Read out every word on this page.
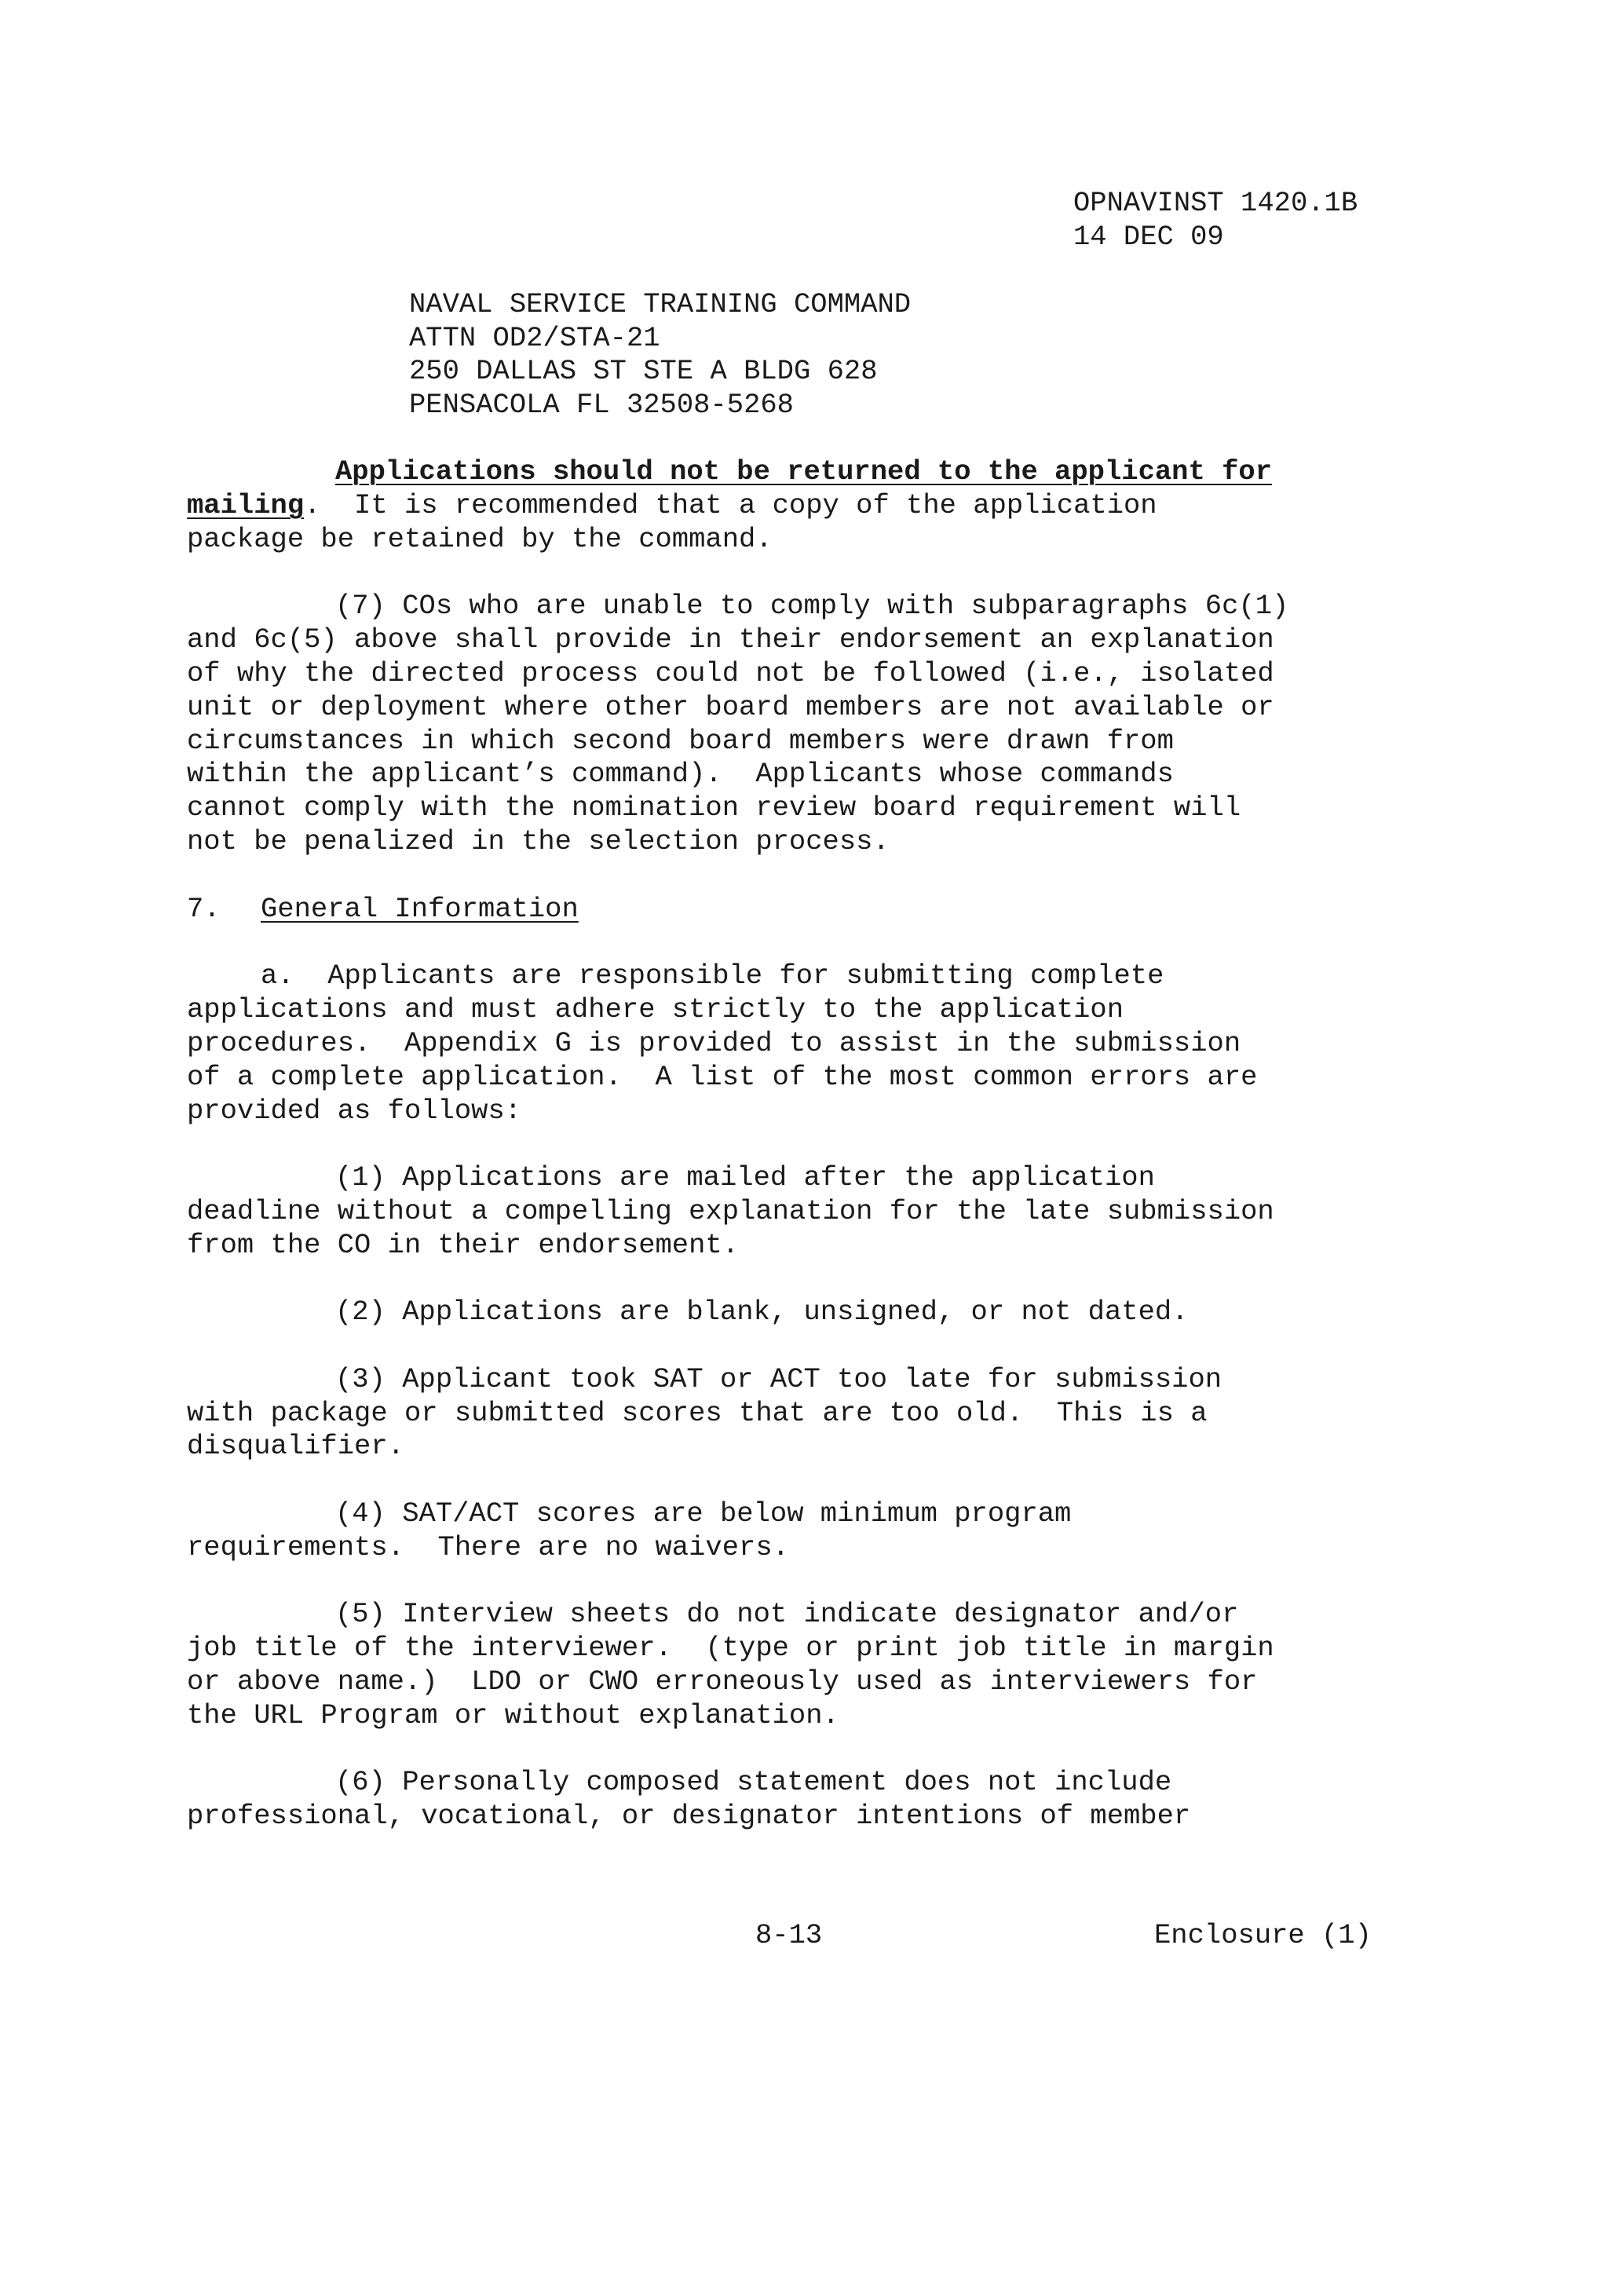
OPNAVINST 1420.1B

14 DEC 09

NAVAL SERVICE TRAINING COMMAND

ATTN OD2/STA-21

250 DALLAS ST STE A BLDG 628

PENSACOLA FL 32508-5268

Applications should not be returned to the applicant for

mailing.  It is recommended that a copy of the application

package be retained by the command.

(7) COs who are unable to comply with subparagraphs 6c(1)

and 6c(5) above shall provide in their endorsement an explanation

of why the directed process could not be followed (i.e., isolated

unit or deployment where other board members are not available or

circumstances in which second board members were drawn from

within the applicant’s command).  Applicants whose commands

cannot comply with the nomination review board requirement will

not be penalized in the selection process.

7.

General Information

a.  Applicants are responsible for submitting complete

applications and must adhere strictly to the application

procedures.  Appendix G is provided to assist in the submission

of a complete application.  A list of the most common errors are

provided as follows:

(1) Applications are mailed after the application

deadline without a compelling explanation for the late submission

from the CO in their endorsement.

(2) Applications are blank, unsigned, or not dated.

(3) Applicant took SAT or ACT too late for submission

with package or submitted scores that are too old.  This is a

disqualifier.

(4) SAT/ACT scores are below minimum program

requirements.  There are no waivers.

(5) Interview sheets do not indicate designator and/or

job title of the interviewer.  (type or print job title in margin

or above name.)  LDO or CWO erroneously used as interviewers for

the URL Program or without explanation.

(6) Personally composed statement does not include

professional, vocational, or designator intentions of member

8-13

	Enclosure (1)
